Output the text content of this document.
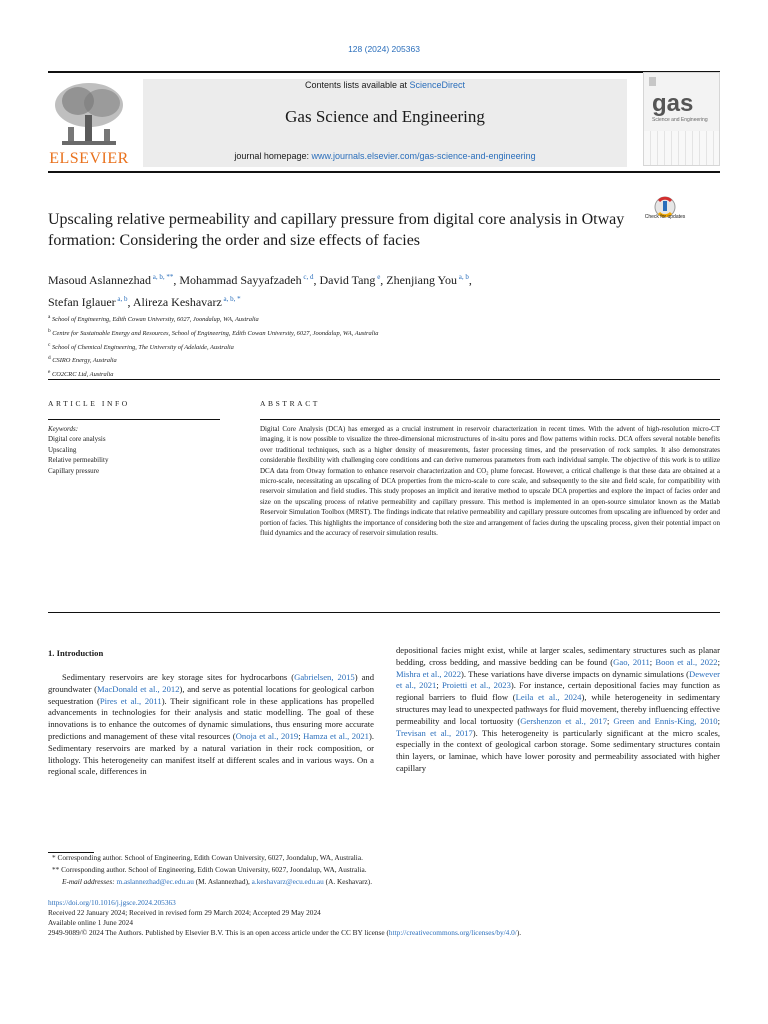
128 (2024) 205363
ELSEVIER
Contents lists available at ScienceDirect
Gas Science and Engineering
journal homepage: www.journals.elsevier.com/gas-science-and-engineering
gas
Science and Engineering
Check for updates
Upscaling relative permeability and capillary pressure from digital core analysis in Otway formation: Considering the order and size effects of facies
Masoud Aslannezhad $^{a, b, **}$, Mohammad Sayyafzadeh $^{c, d}$, David Tang $^e$, Zhenjiang You $^{a, b}$,
Stefan Iglauer $^{a, b}$, Alireza Keshavarz $^{a, b, *}$
$^a$ School of Engineering, Edith Cowan University, 6027, Joondalup, WA, Australia
$^b$ Centre for Sustainable Energy and Resources, School of Engineering, Edith Cowan University, 6027, Joondalup, WA, Australia
$^c$ School of Chemical Engineering, The University of Adelaide, Australia
$^d$ CSIRO Energy, Australia
$^e$ CO2CRC Ltd, Australia
ARTICLE INFO	ABSTRACT
Keywords:
Digital core analysis
Upscaling
Relative permeability
Capillary pressure
Digital Core Analysis (DCA) has emerged as a crucial instrument in reservoir characterization in recent times. With the advent of high-resolution micro-CT imaging, it is now possible to visualize the three-dimensional microstructures of in-situ pores and flow patterns within rocks. DCA offers several notable benefits over traditional techniques, such as a higher density of measurements, faster processing times, and the preservation of rock samples. It also demonstrates considerable flexibility with challenging core conditions and can derive numerous parameters from each individual sample. The objective of this work is to utilize DCA data from Otway formation to enhance reservoir characterization and CO₂ plume forecast. However, a critical challenge is that these data are obtained at a micro-scale, necessitating an upscaling of DCA properties from the micro-scale to core scale, and subsequently to the site and field scale, for compatibility with reservoir simulation and field studies. This study proposes an implicit and iterative method to upscale DCA properties and explore the impact of facies order and size on the upscaling process of relative permeability and capillary pressure. This method is implemented in an open-source simulator known as the Matlab Reservoir Simulation Toolbox (MRST). The findings indicate that relative permeability and capillary pressure outcomes from upscaling are influenced by order and portion of facies. This highlights the importance of considering both the size and arrangement of facies during the upscaling process, given their potential impact on fluid dynamics and the accuracy of reservoir simulation results.
1. Introduction
Sedimentary reservoirs are key storage sites for hydrocarbons (Gabrielsen, 2015) and groundwater (MacDonald et al., 2012), and serve as potential locations for geological carbon sequestration (Pires et al., 2011). Their significant role in these applications has propelled advancements in technologies for their analysis and static modelling. The goal of these innovations is to enhance the outcomes of dynamic simulations, thus ensuring more accurate predictions and management of these vital resources (Onoja et al., 2019; Hamza et al., 2021). Sedimentary reservoirs are marked by a natural variation in their rock composition, or lithology. This heterogeneity can manifest itself at different scales and in various ways. On a regional scale, differences in
depositional facies might exist, while at larger scales, sedimentary structures such as planar bedding, cross bedding, and massive bedding can be found (Gao, 2011; Boon et al., 2022; Mishra et al., 2022). These variations have diverse impacts on dynamic simulations (Dewever et al., 2021; Proietti et al., 2023). For instance, certain depositional facies may function as regional barriers to fluid flow (Leila et al., 2024), while heterogeneity in sedimentary structures may lead to unexpected pathways for fluid movement, thereby influencing effective permeability and local tortuosity (Gershenzon et al., 2017; Green and Ennis-King, 2010; Trevisan et al., 2017). This heterogeneity is particularly significant at the micro scales, especially in the context of geological carbon storage. Some sedimentary structures contain thin layers, or laminae, which have lower porosity and permeability associated with higher capillary
* Corresponding author. School of Engineering, Edith Cowan University, 6027, Joondalup, WA, Australia.
** Corresponding author. School of Engineering, Edith Cowan University, 6027, Joondalup, WA, Australia.
E-mail addresses: m.aslannezhad@ec.edu.au (M. Aslannezhad), a.keshavarz@ecu.edu.au (A. Keshavarz).
https://doi.org/10.1016/j.jgsce.2024.205363
Received 22 January 2024; Received in revised form 29 March 2024; Accepted 29 May 2024
Available online 1 June 2024
2949-9089/© 2024 The Authors. Published by Elsevier B.V. This is an open access article under the CC BY license (http://creativecommons.org/licenses/by/4.0/).
